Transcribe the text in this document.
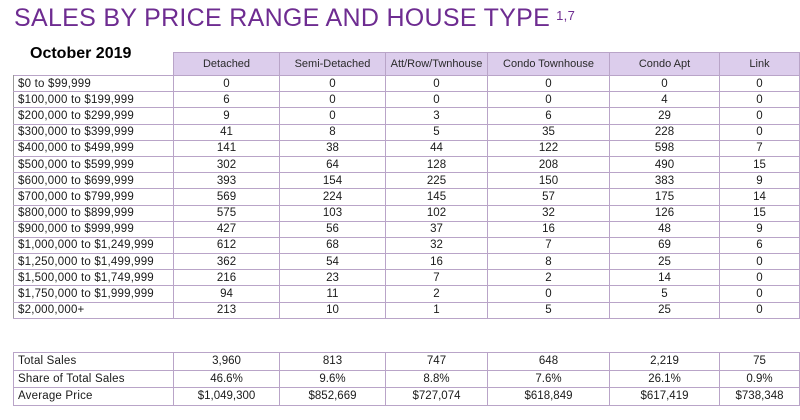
SALES BY PRICE RANGE AND HOUSE TYPE $^{1,7}$
October 2019
	Detached	Semi-Detached	Att/Row/Twnhouse	Condo Townhouse	Condo Apt	Link
$0 to $99,999	0	0	0	0	0	0
$100,000 to $199,999	6	0	0	0	4	0
$200,000 to $299,999	9	0	3	6	29	0
$300,000 to $399,999	41	8	5	35	228	0
$400,000 to $499,999	141	38	44	122	598	7
$500,000 to $599,999	302	64	128	208	490	15
$600,000 to $699,999	393	154	225	150	383	9
$700,000 to $799,999	569	224	145	57	175	14
$800,000 to $899,999	575	103	102	32	126	15
$900,000 to $999,999	427	56	37	16	48	9
$1,000,000 to $1,249,999	612	68	32	7	69	6
$1,250,000 to $1,499,999	362	54	16	8	25	0
$1,500,000 to $1,749,999	216	23	7	2	14	0
$1,750,000 to $1,999,999	94	11	2	0	5	0
$2,000,000+	213	10	1	5	25	0
Total Sales	3,960	813	747	648	2,219	75
Share of Total Sales	46.6%	9.6%	8.8%	7.6%	26.1%	0.9%
Average Price	$1,049,300	$852,669	$727,074	$618,849	$617,419	$738,348
